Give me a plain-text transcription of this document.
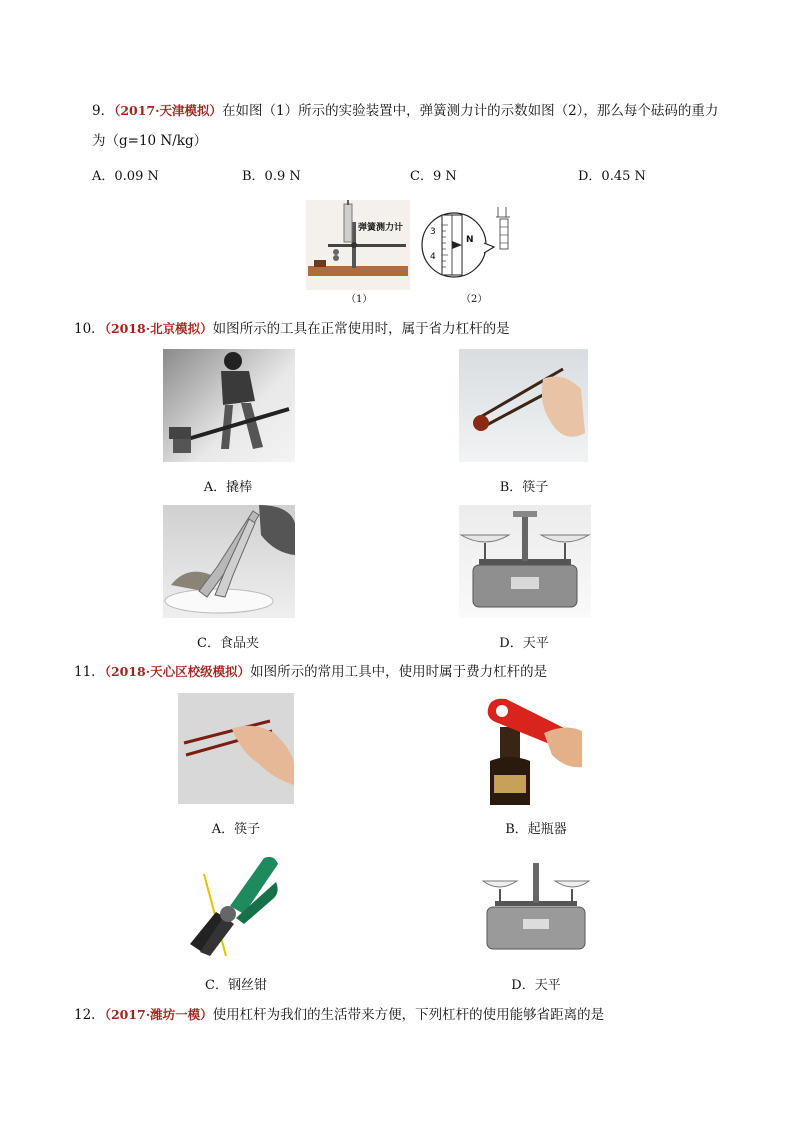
9．（2017·天津模拟）在如图（1）所示的实验装置中，弹簧测力计的示数如图（2），那么每个砝码的重力
为（g=10 N/kg）
A．0.09 N	B．0.9 N	C．9 N	D．0.45 N
弹簧测力计
（1）
3
4
N
（2）
10．（2018·北京模拟）如图所示的工具在正常使用时，属于省力杠杆的是
A．撬棒	B．筷子
C．食品夹	D．天平
11．（2018·天心区校级模拟）如图所示的常用工具中，使用时属于费力杠杆的是
A．筷子	B．起瓶器
C．钢丝钳	D．天平
12．（2017·潍坊一模）使用杠杆为我们的生活带来方便，下列杠杆的使用能够省距离的是
